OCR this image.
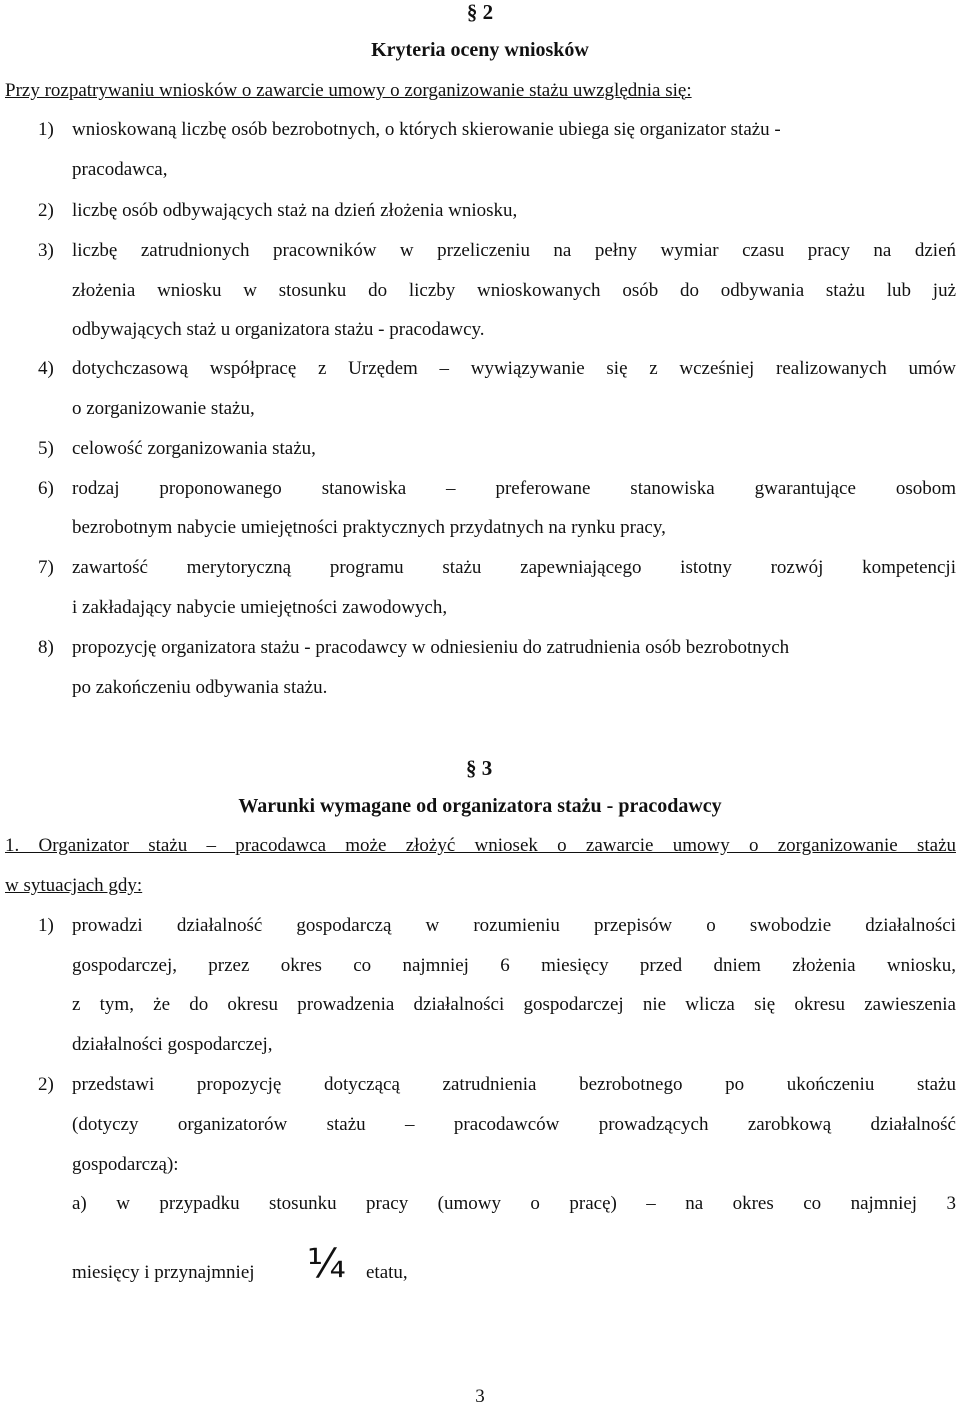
§ 2
Kryteria oceny wniosków
Przy rozpatrywaniu wniosków o zawarcie umowy o zorganizowanie stażu uwzględnia się:
1) wnioskowaną liczbę osób bezrobotnych, o których skierowanie ubiega się organizator stażu -
pracodawca,
2) liczbę osób odbywających staż na dzień złożenia wniosku,
3) liczbę zatrudnionych pracowników w przeliczeniu na pełny wymiar czasu pracy na dzień
złożenia wniosku w stosunku do liczby wnioskowanych osób do odbywania stażu lub już
odbywających staż u organizatora stażu - pracodawcy.
4) dotychczasową współpracę z Urzędem – wywiązywanie się z wcześniej realizowanych umów
o zorganizowanie stażu,
5) celowość zorganizowania stażu,
6) rodzaj proponowanego stanowiska – preferowane stanowiska gwarantujące osobom
bezrobotnym nabycie umiejętności praktycznych przydatnych na rynku pracy,
7) zawartość merytoryczną programu stażu zapewniającego istotny rozwój kompetencji
i zakładający nabycie umiejętności zawodowych,
8) propozycję organizatora stażu - pracodawcy w odniesieniu do zatrudnienia osób bezrobotnych
po zakończeniu odbywania stażu.
§ 3
Warunki wymagane od organizatora stażu - pracodawcy
1. Organizator stażu – pracodawca może złożyć wniosek o zawarcie umowy o zorganizowanie stażu
w sytuacjach gdy:
1) prowadzi działalność gospodarczą w rozumieniu przepisów o swobodzie działalności
gospodarczej, przez okres co najmniej 6 miesięcy przed dniem złożenia wniosku,
z tym, że do okresu prowadzenia działalności gospodarczej nie wlicza się okresu zawieszenia
działalności gospodarczej,
2) przedstawi propozycję dotyczącą zatrudnienia bezrobotnego po ukończeniu stażu
(dotyczy organizatorów stażu – pracodawców prowadzących zarobkową działalność
gospodarczą):
a) w przypadku stosunku pracy (umowy o pracę) – na okres co najmniej 3
miesięcy i przynajmniej ¼ etatu,
3
